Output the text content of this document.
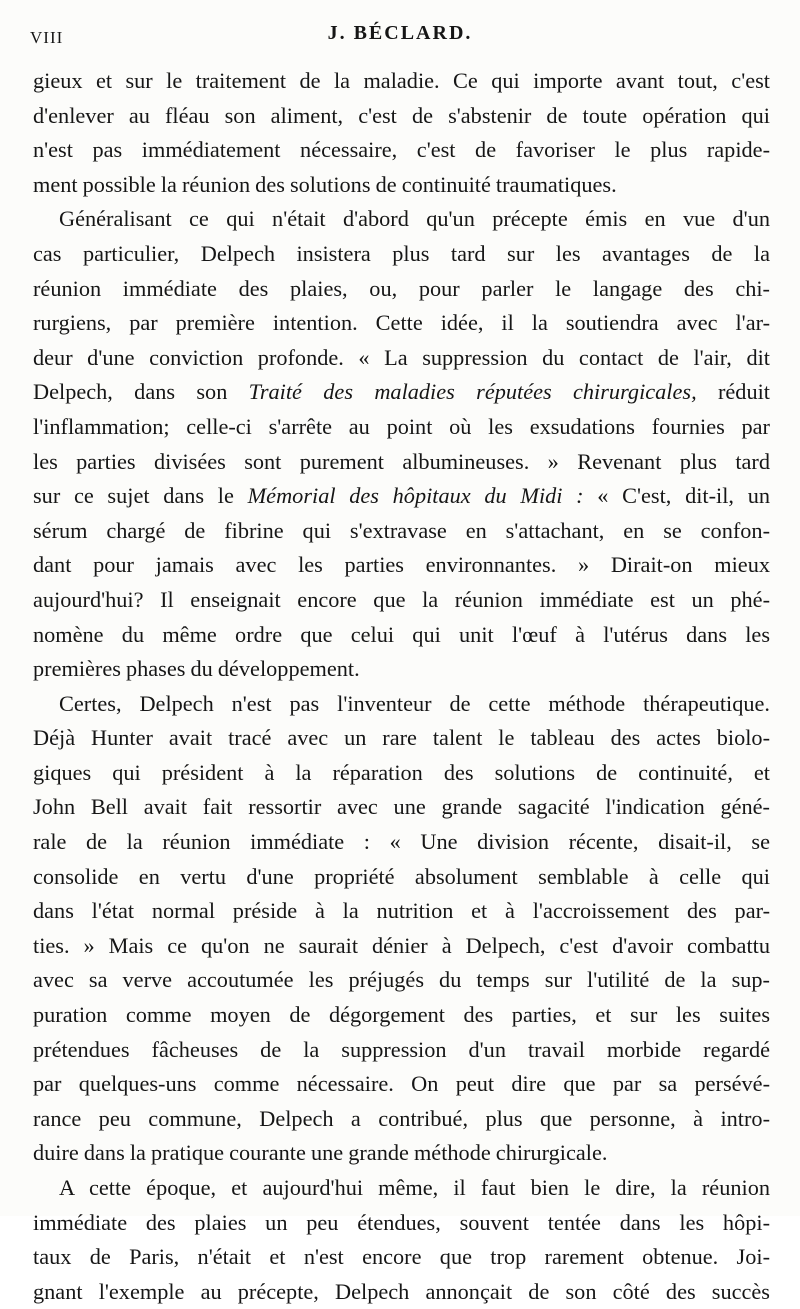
VIII	J. BÉCLARD.

gieux et sur le traitement de la maladie. Ce qui importe avant tout, c'est
d'enlever au fléau son aliment, c'est de s'abstenir de toute opération qui
n'est pas immédiatement nécessaire, c'est de favoriser le plus rapide-
ment possible la réunion des solutions de continuité traumatiques.

Généralisant ce qui n'était d'abord qu'un précepte émis en vue d'un
cas particulier, Delpech insistera plus tard sur les avantages de la
réunion immédiate des plaies, ou, pour parler le langage des chi-
rurgiens, par première intention. Cette idée, il la soutiendra avec l'ar-
deur d'une conviction profonde. « La suppression du contact de l'air, dit
Delpech, dans son Traité des maladies réputées chirurgicales, réduit
l'inflammation; celle-ci s'arrête au point où les exsudations fournies par
les parties divisées sont purement albumineuses. » Revenant plus tard
sur ce sujet dans le Mémorial des hôpitaux du Midi : « C'est, dit-il, un
sérum chargé de fibrine qui s'extravase en s'attachant, en se confon-
dant pour jamais avec les parties environnantes. » Dirait-on mieux
aujourd'hui? Il enseignait encore que la réunion immédiate est un phé-
nomène du même ordre que celui qui unit l'œuf à l'utérus dans les
premières phases du développement.

Certes, Delpech n'est pas l'inventeur de cette méthode thérapeutique.
Déjà Hunter avait tracé avec un rare talent le tableau des actes biolo-
giques qui président à la réparation des solutions de continuité, et
John Bell avait fait ressortir avec une grande sagacité l'indication géné-
rale de la réunion immédiate : « Une division récente, disait-il, se
consolide en vertu d'une propriété absolument semblable à celle qui
dans l'état normal préside à la nutrition et à l'accroissement des par-
ties. » Mais ce qu'on ne saurait dénier à Delpech, c'est d'avoir combattu
avec sa verve accoutumée les préjugés du temps sur l'utilité de la sup-
puration comme moyen de dégorgement des parties, et sur les suites
prétendues fâcheuses de la suppression d'un travail morbide regardé
par quelques-uns comme nécessaire. On peut dire que par sa persévé-
rance peu commune, Delpech a contribué, plus que personne, à intro-
duire dans la pratique courante une grande méthode chirurgicale.

A cette époque, et aujourd'hui même, il faut bien le dire, la réunion
immédiate des plaies un peu étendues, souvent tentée dans les hôpi-
taux de Paris, n'était et n'est encore que trop rarement obtenue. Joi-
gnant l'exemple au précepte, Delpech annonçait de son côté des succès
